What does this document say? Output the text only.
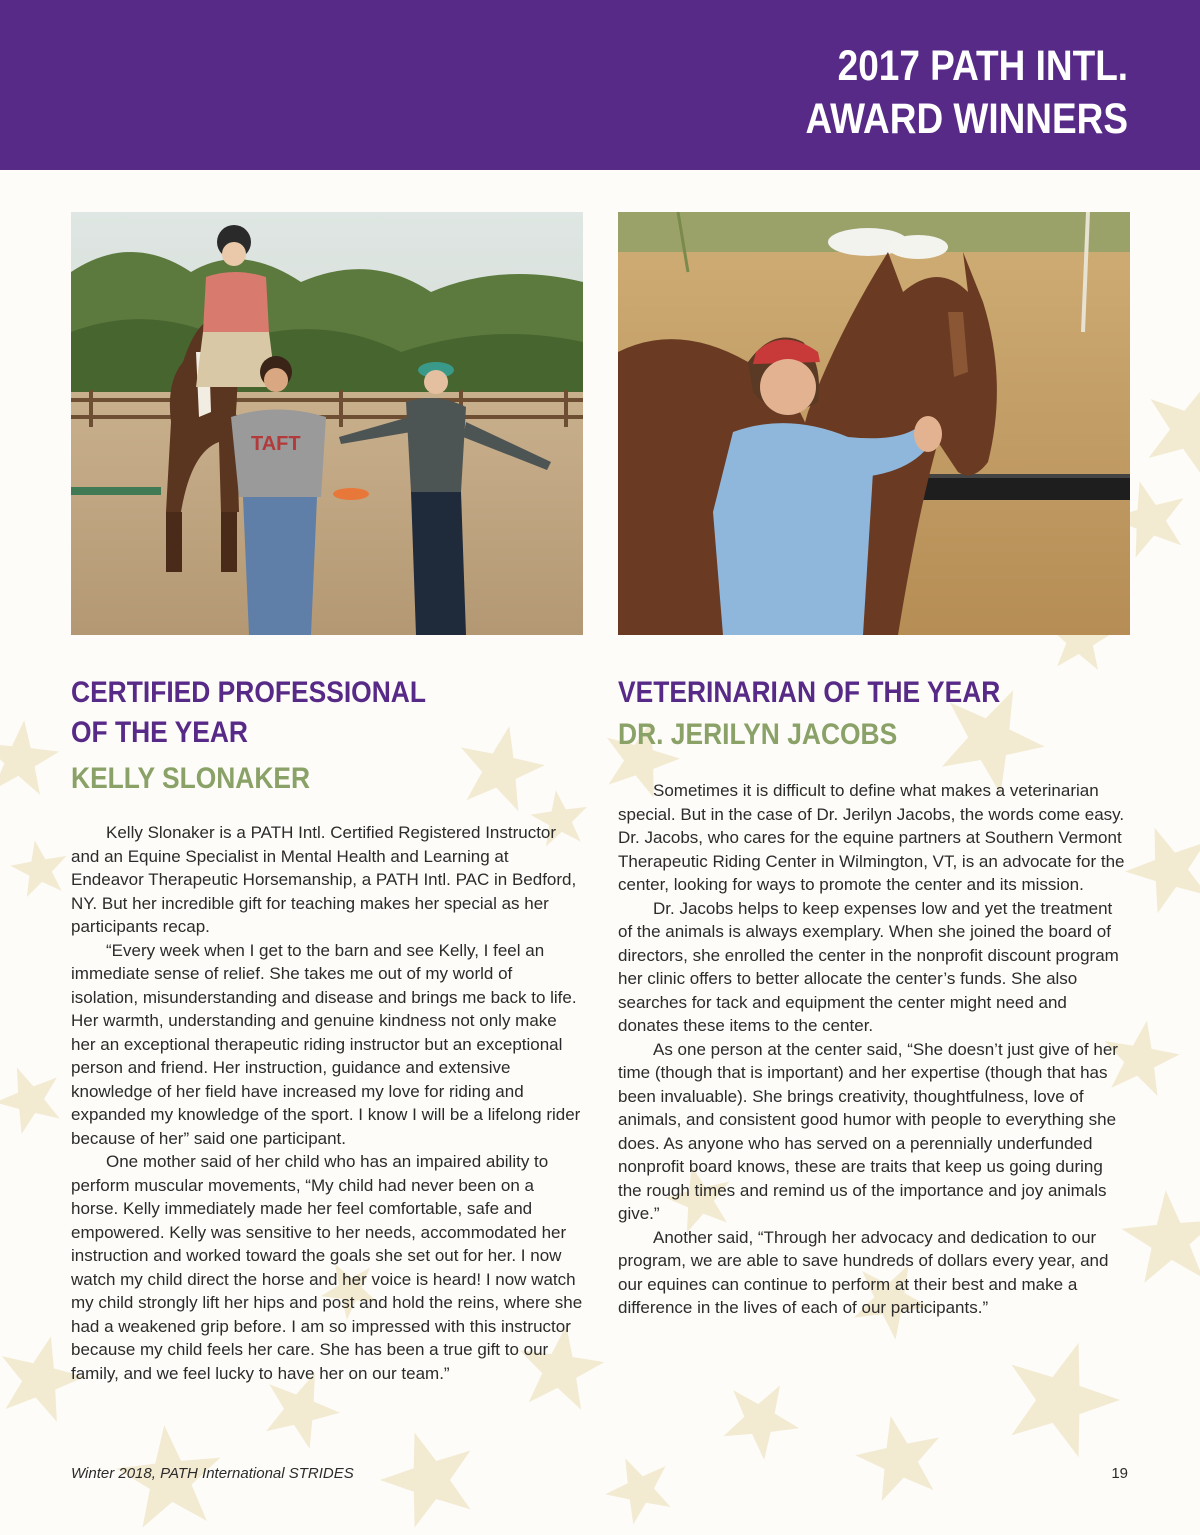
2017 PATH INTL.
AWARD WINNERS
TAFT
CERTIFIED PROFESSIONAL
OF THE YEAR
KELLY SLONAKER

Kelly Slonaker is a PATH Intl. Certified Registered Instructor and an Equine Specialist in Mental Health and Learning at Endeavor Therapeutic Horsemanship, a PATH Intl. PAC in Bedford, NY. But her incredible gift for teaching makes her special as her participants recap.

“Every week when I get to the barn and see Kelly, I feel an immediate sense of relief. She takes me out of my world of isolation, misunderstanding and disease and brings me back to life. Her warmth, understanding and genuine kindness not only make her an exceptional therapeutic riding instructor but an exceptional person and friend. Her instruction, guidance and extensive knowledge of her field have increased my love for riding and expanded my knowledge of the sport. I know I will be a lifelong rider because of her” said one participant.

One mother said of her child who has an impaired ability to perform muscular movements, “My child had never been on a horse. Kelly immediately made her feel comfortable, safe and empowered. Kelly was sensitive to her needs, accommodated her instruction and worked toward the goals she set out for her. I now watch my child direct the horse and her voice is heard! I now watch my child strongly lift her hips and post and hold the reins, where she had a weakened grip before. I am so impressed with this instructor because my child feels her care. She has been a true gift to our family, and we feel lucky to have her on our team.”

VETERINARIAN OF THE YEAR
DR. JERILYN JACOBS

Sometimes it is difficult to define what makes a veterinarian special. But in the case of Dr. Jerilyn Jacobs, the words come easy. Dr. Jacobs, who cares for the equine partners at Southern Vermont Therapeutic Riding Center in Wilmington, VT, is an advocate for the center, looking for ways to promote the center and its mission.

Dr. Jacobs helps to keep expenses low and yet the treatment of the animals is always exemplary. When she joined the board of directors, she enrolled the center in the nonprofit discount program her clinic offers to better allocate the center’s funds. She also searches for tack and equipment the center might need and donates these items to the center.

As one person at the center said, “She doesn’t just give of her time (though that is important) and her expertise (though that has been invaluable). She brings creativity, thoughtfulness, love of animals, and consistent good humor with people to everything she does. As anyone who has served on a perennially underfunded nonprofit board knows, these are traits that keep us going during the rough times and remind us of the importance and joy animals give.”

Another said, “Through her advocacy and dedication to our program, we are able to save hundreds of dollars every year, and our equines can continue to perform at their best and make a difference in the lives of each of our participants.”

Winter 2018, PATH International STRIDES	19
